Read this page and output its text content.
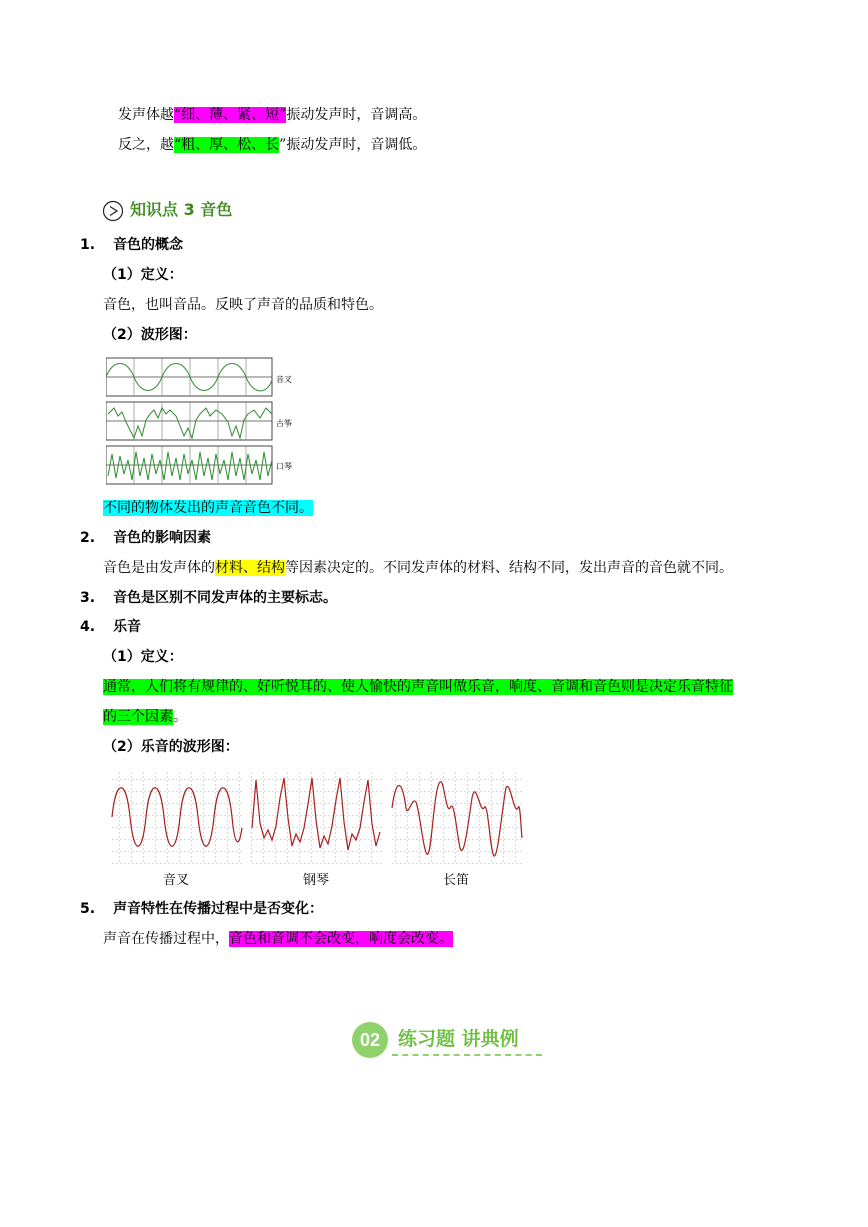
发声体越“细、薄、紧、短”振动发声时，音调高。
反之，越“粗、厚、松、长”振动发声时，音调低。
知识点 3 音色
1. 音色的概念
（1）定义：
音色，也叫音品。反映了声音的品质和特色。
（2）波形图：
音叉
古筝
口琴
不同的物体发出的声音音色不同。
2. 音色的影响因素
音色是由发声体的材料、结构等因素决定的。不同发声体的材料、结构不同，发出声音的音色就不同。
3. 音色是区别不同发声体的主要标志。
4. 乐音
（1）定义：
通常，人们将有规律的、好听悦耳的、使人愉快的声音叫做乐音，响度、音调和音色则是决定乐音特征
的三个因素。
（2）乐音的波形图：
音叉	钢琴	长笛
5. 声音特性在传播过程中是否变化：
声音在传播过程中，音色和音调不会改变，响度会改变。
02 练习题 讲典例
